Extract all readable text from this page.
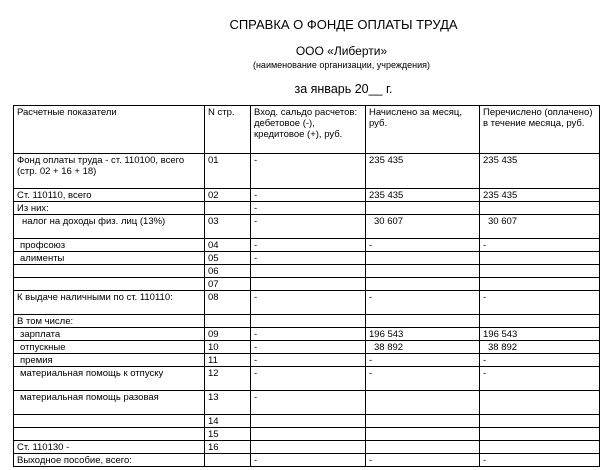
СПРАВКА О ФОНДЕ ОПЛАТЫ ТРУДА
ООО «Либерти»
(наименование организации, учреждения)
за январь 20__ г.
Расчетные показатели	N стр.	Вход. сальдо расчетов: дебетовое (-), кредитовое (+), руб.	Начислено за месяц, руб.	Перечислено (оплачено) в течение месяца, руб.
Фонд оплаты труда - ст. 110100, всего (стр. 02 + 16 + 18)	01	-	235 435	235 435
Ст. 110110, всего	02	-	235 435	235 435
Из них:		-		
налог на доходы физ. лиц (13%)	03	-	30 607	30 607
профсоюз	04	-	-	-
алименты	05	-		
	06			
	07			
К выдаче наличными по ст. 110110:	08	-	-	-
В том числе:				
зарплата	09	-	196 543	196 543
отпускные	10	-	38 892	38 892
премия	11	-	-	-
материальная помощь к отпуску	12	-	-	-
материальная помощь разовая	13	-		
	14			
	15			
Ст. 110130 -	16			
Выходное пособие, всего:		-	-	-
